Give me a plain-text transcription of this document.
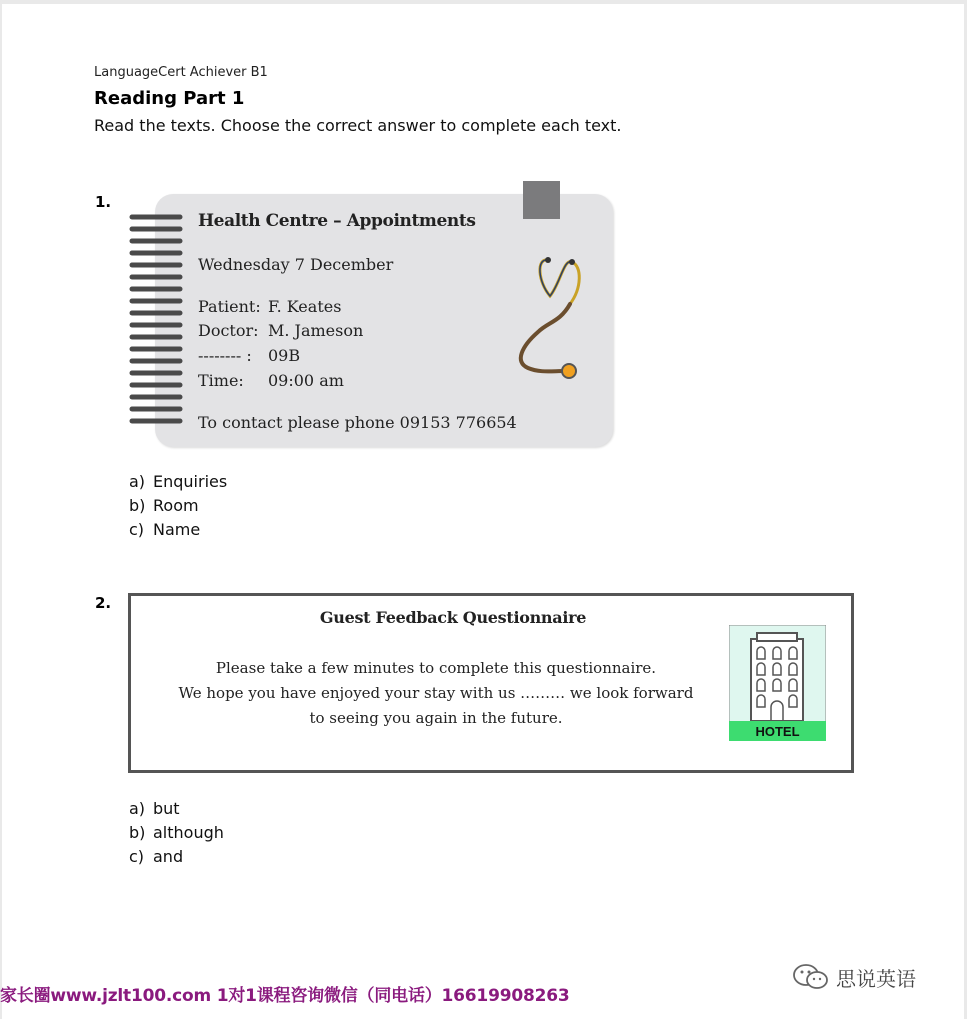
LanguageCert Achiever B1
Reading Part 1
Read the texts. Choose the correct answer to complete each text.
1.
Health Centre – Appointments
Wednesday 7 December
Patient: F. Keates
Doctor: M. Jameson
-------- : 09B
Time: 09:00 am
To contact please phone 09153 776654
a) Enquiries
b) Room
c) Name
2.
Guest Feedback Questionnaire
Please take a few minutes to complete this questionnaire.
We hope you have enjoyed your stay with us ……… we look forward
to seeing you again in the future.
HOTEL
a) but
b) although
c) and
家长圈www.jzlt100.com 1对1课程咨询微信（同电话）16619908263
思说英语
